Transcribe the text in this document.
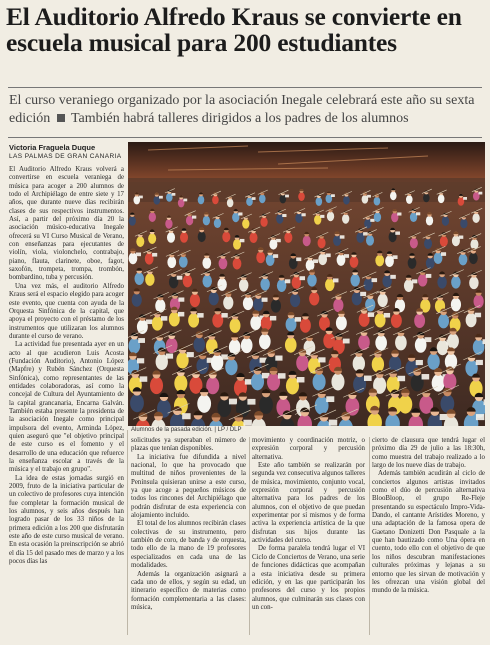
El Auditorio Alfredo Kraus se convierte en escuela musical para 200 estudiantes

El curso veraniego organizado por la asociación Inegale celebrará este año su sexta edición También habrá talleres dirigidos a los padres de los alumnos

Victoria Fraguela Duque
LAS PALMAS DE GRAN CANARIA
Alumnos de la pasada edición. | LP / DLP

El Auditorio Alfredo Kraus volverá a convertirse en escuela veraniega de música para acoger a 200 alumnos de todo el Archipiélago de entre siete y 17 años, que durante nueve días recibirán clases de sus respectivos instrumentos. Así, a partir del próximo día 20 la asociación músico-educativa Inegale ofrecerá su VI Curso Musical de Verano, con enseñanzas para ejecutantes de violín, viola, violonchelo, contrabajo, piano, flauta, clarinete, oboe, fagot, saxofón, trompeta, trompa, trombón, bombardino, tuba y percusión.

Una vez más, el auditorio Alfredo Kraus será el espacio elegido para acoger este evento, que cuenta con ayuda de la Orquesta Sinfónica de la capital, que apoya el proyecto con el préstamo de los instrumentos que utilizaran los alumnos durante el curso de verano.

La actividad fue presentada ayer en un acto al que acudieron Luis Acosta (Fundación Auditorio), Antonio López (Mapfre) y Rubén Sánchez (Orquesta Sinfónica), como representantes de las entidades colaboradoras, así como la concejal de Cultura del Ayuntamiento de la capital grancanaria, Encarna Galván. También estaba presente la presidenta de la asociación Inegale como principal impulsora del evento, Arminda López, quien aseguró que "el objetivo principal de este curso es el fomento y el desarrollo de una educación que refuerce la enseñanza escolar a través de la música y el trabajo en grupo".

La idea de estas jornadas surgió en 2009, fruto de la iniciativa particular de un colectivo de profesores cuya intención fue completar la formación musical de los alumnos, y seis años después han logrado pasar de los 33 niños de la primera edición a los 200 que disfrutarán este año de este curso musical de verano. En esta ocasión la preinscripción se abrió el día 15 del pasado mes de marzo y a los pocos días las

solicitudes ya superaban el número de plazas que tenían disponibles.

La iniciativa fue difundida a nivel nacional, lo que ha provocado que multitud de niños provenientes de la Península quisieran unirse a este curso, ya que acoge a pequeños músicos de todos los rincones del Archipiélago que podrán disfrutar de esta experiencia con alojamiento incluido.

El total de los alumnos recibirán clases colectivas de su instrumento, pero también de coro, de banda y de orquesta, todo ello de la mano de 19 profesores especializados en cada una de las modalidades.

Además la organización asignará a cada uno de ellos, y según su edad, un itinerario específico de materias como formación complementaria a las clases: música,

movimiento y coordinación motriz, o expresión corporal y percusión alternativa.

Este año también se realizarán por segunda vez consecutiva algunos talleres de música, movimiento, conjunto vocal, expresión corporal y percusión alternativa para los padres de los alumnos, con el objetivo de que puedan experimentar por sí mismos y de forma activa la experiencia artística de la que disfrutan sus hijos durante las actividades del curso.

De forma paralela tendrá lugar el VI Ciclo de Conciertos de Verano, una serie de funciones didácticas que acompañan a esta iniciativa desde su primera edición, y en las que participarán los profesores del curso y los propios alumnos, que culminarán sus clases con un con-

cierto de clausura que tendrá lugar el próximo día 29 de julio a las 18:30h, como muestra del trabajo realizado a lo largo de los nueve días de trabajo.

Además también acudirán al ciclo de conciertos algunos artistas invitados como el dúo de percusión alternativa BlooBloop, el grupo Re-Fleje presentando su espectáculo Impro-Vida-Dando, el cantante Arístides Moreno, y una adaptación de la famosa opera de Gaetano Donizetti Don Pasquale a la que han bautizado como Una ópera en cuento, todo ello con el objetivo de que los niños descubran manifestaciones culturales próximas y lejanas a su entorno que les sirvan de motivación y les ofrezcan una visión global del mundo de la música.
